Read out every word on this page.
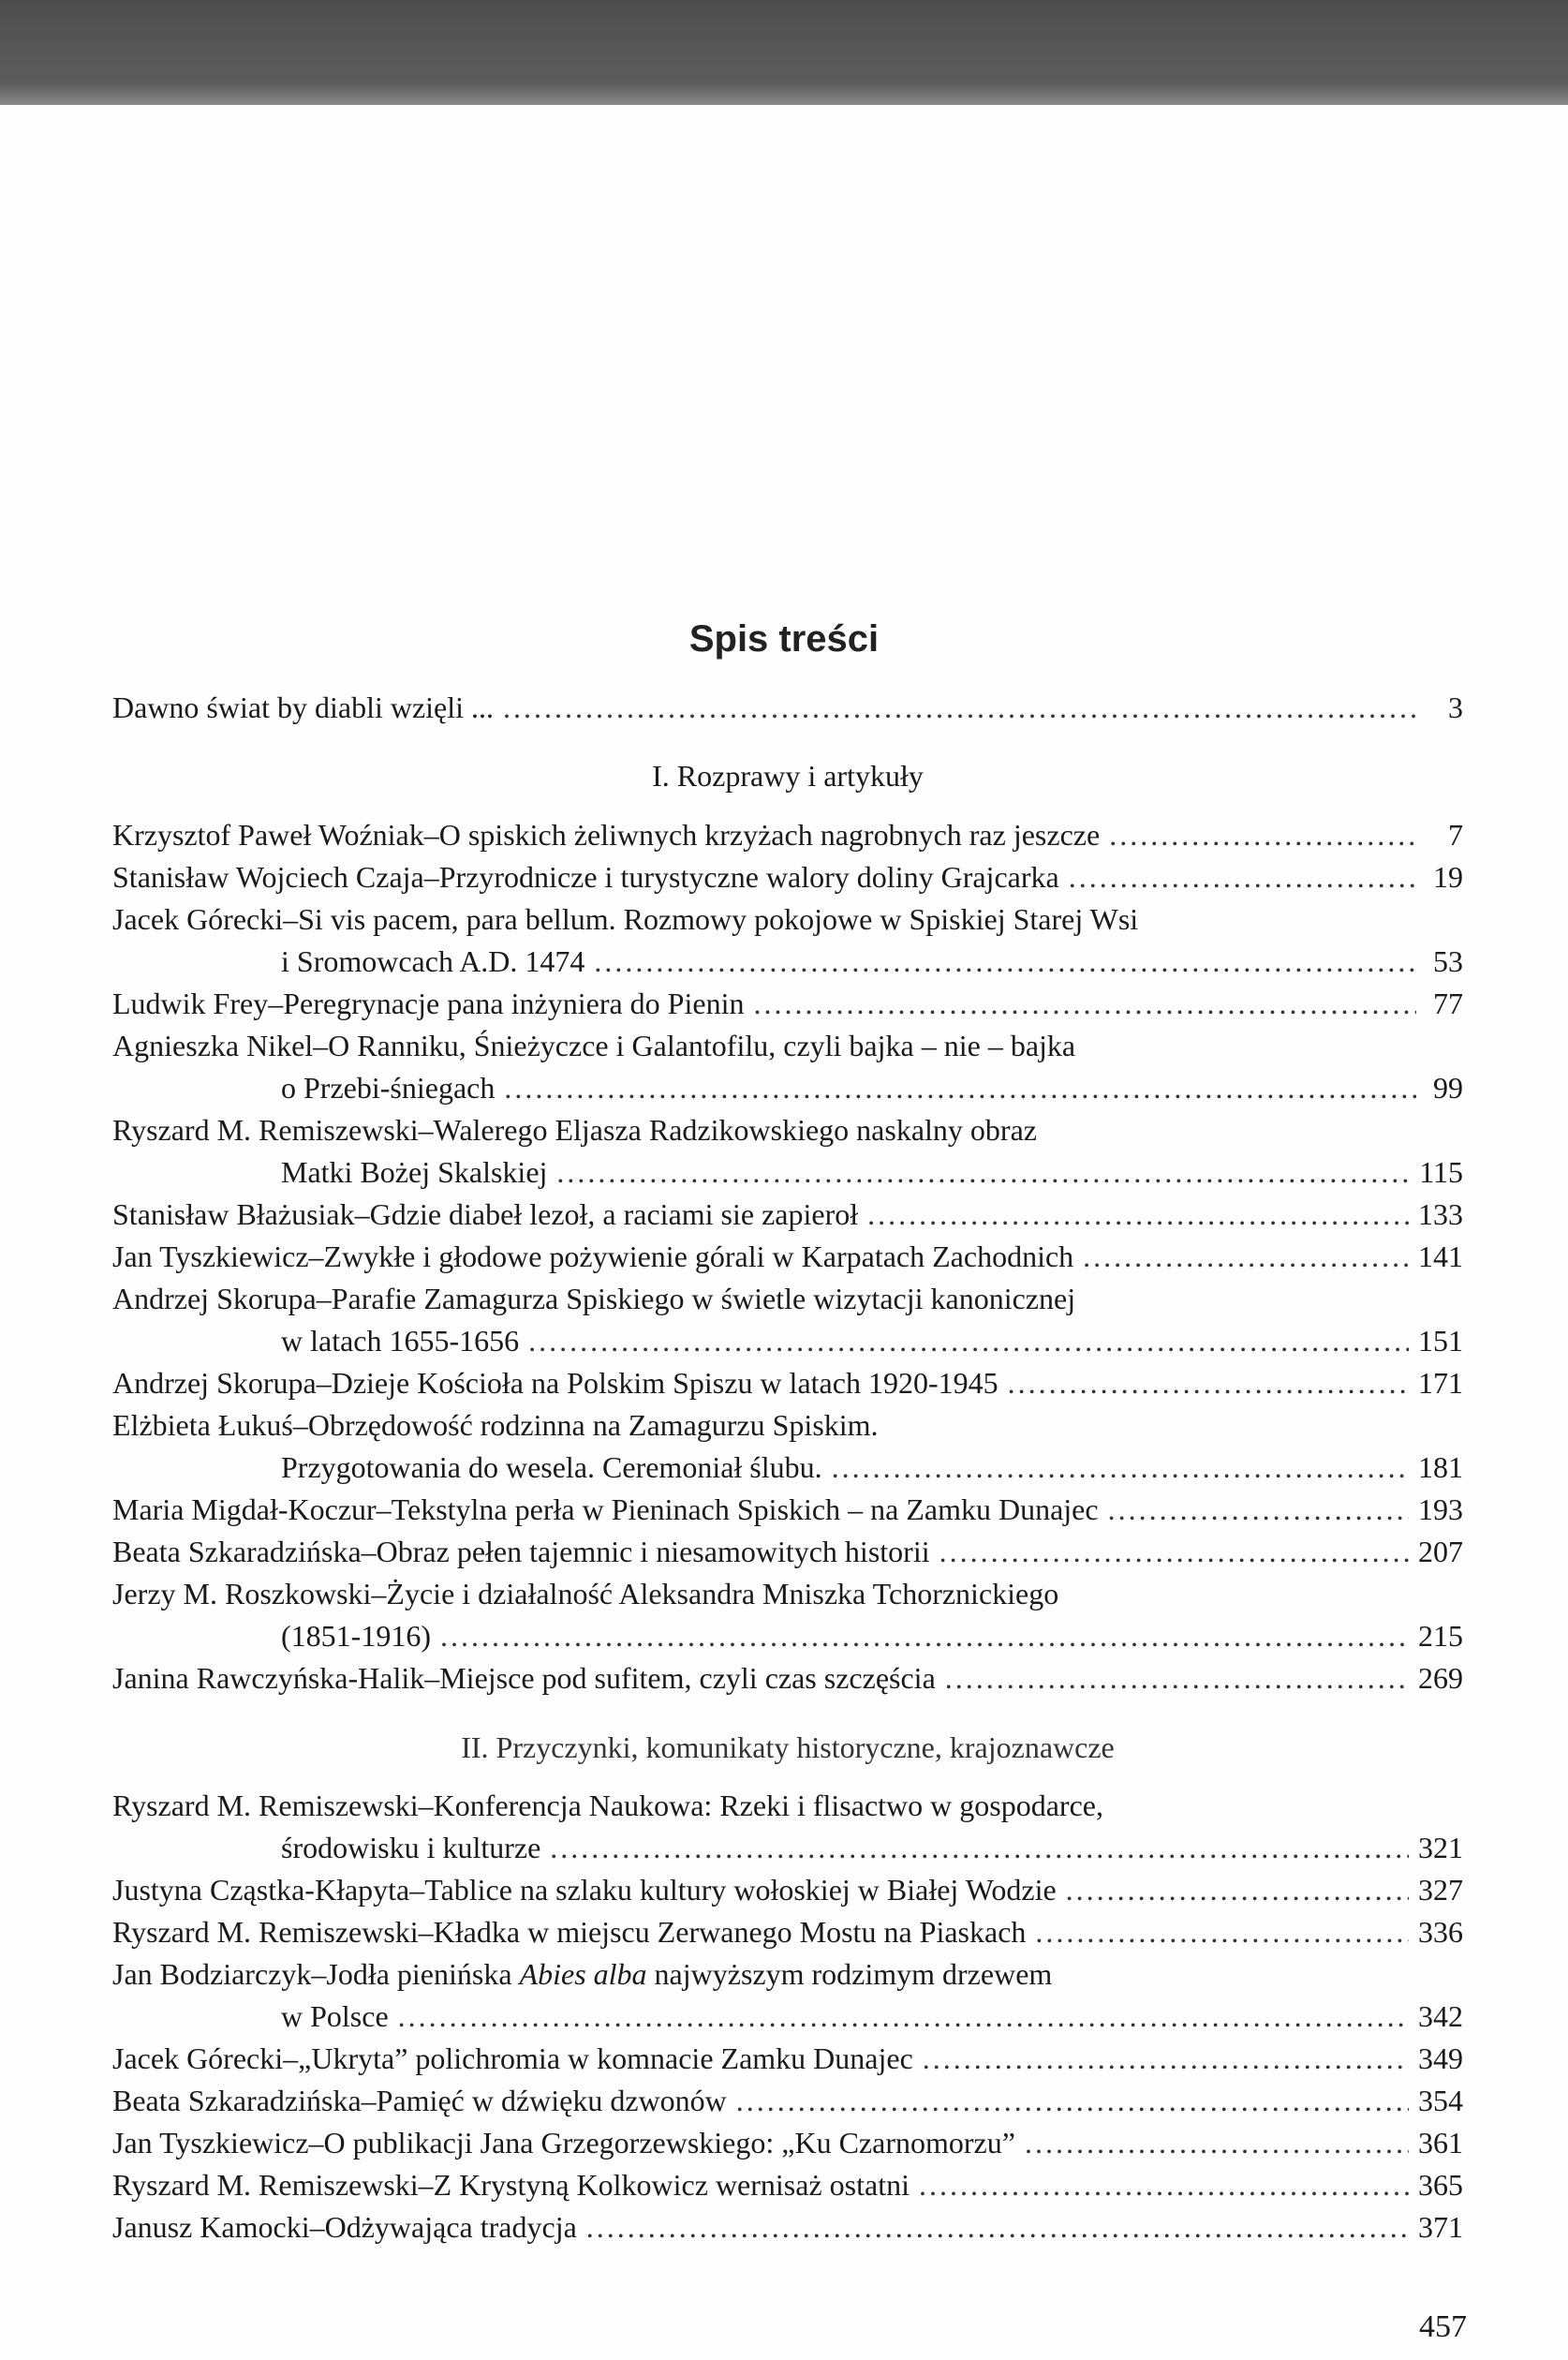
Spis treści
Dawno świat by diabli wzięli ... .....	3
I. Rozprawy i artykuły
Krzysztof Paweł Woźniak – O spiskich żeliwnych krzyżach nagrobnych raz jeszcze .....	7
Stanisław Wojciech Czaja – Przyrodnicze i turystyczne walory doliny Grajcarka .....	19
Jacek Górecki – Si vis pacem, para bellum. Rozmowy pokojowe w Spiskiej Starej Wsi
i Sromowcach A.D. 1474 .....	53
Ludwik Frey – Peregrynacje pana inżyniera do Pienin .....	77
Agnieszka Nikel – O Ranniku, Śnieżyczce i Galantofilu, czyli bajka – nie – bajka
o Przebi-śniegach .....	99
Ryszard M. Remiszewski – Walerego Eljasza Radzikowskiego naskalny obraz
Matki Bożej Skalskiej .....	115
Stanisław Błażusiak – Gdzie diabeł lezoł, a raciami sie zapieroł .....	133
Jan Tyszkiewicz – Zwykłe i głodowe pożywienie górali w Karpatach Zachodnich .....	141
Andrzej Skorupa – Parafie Zamagurza Spiskiego w świetle wizytacji kanonicznej
w latach 1655-1656 .....	151
Andrzej Skorupa – Dzieje Kościoła na Polskim Spiszu w latach 1920-1945 .....	171
Elżbieta Łukuś – Obrzędowość rodzinna na Zamagurzu Spiskim.
Przygotowania do wesela. Ceremoniał ślubu. .....	181
Maria Migdał-Koczur – Tekstylna perła w Pieninach Spiskich – na Zamku Dunajec .....	193
Beata Szkaradzińska – Obraz pełen tajemnic i niesamowitych historii .....	207
Jerzy M. Roszkowski – Życie i działalność Aleksandra Mniszka Tchorznickiego
(1851-1916) .....	215
Janina Rawczyńska-Halik – Miejsce pod sufitem, czyli czas szczęścia .....	269
II. Przyczynki, komunikaty historyczne, krajoznawcze
Ryszard M. Remiszewski – Konferencja Naukowa: Rzeki i flisactwo w gospodarce,
środowisku i kulturze .....	321
Justyna Cząstka-Kłapyta – Tablice na szlaku kultury wołoskiej w Białej Wodzie .....	327
Ryszard M. Remiszewski – Kładka w miejscu Zerwanego Mostu na Piaskach .....	336
Jan Bodziarczyk – Jodła pienińska Abies alba najwyższym rodzimym drzewem
w Polsce .....	342
Jacek Górecki – „Ukryta” polichromia w komnacie Zamku Dunajec .....	349
Beata Szkaradzińska – Pamięć w dźwięku dzwonów .....	354
Jan Tyszkiewicz – O publikacji Jana Grzegorzewskiego: „Ku Czarnomorzu” .....	361
Ryszard M. Remiszewski – Z Krystyną Kolkowicz wernisaż ostatni .....	365
Janusz Kamocki – Odżywająca tradycja .....	371
457
